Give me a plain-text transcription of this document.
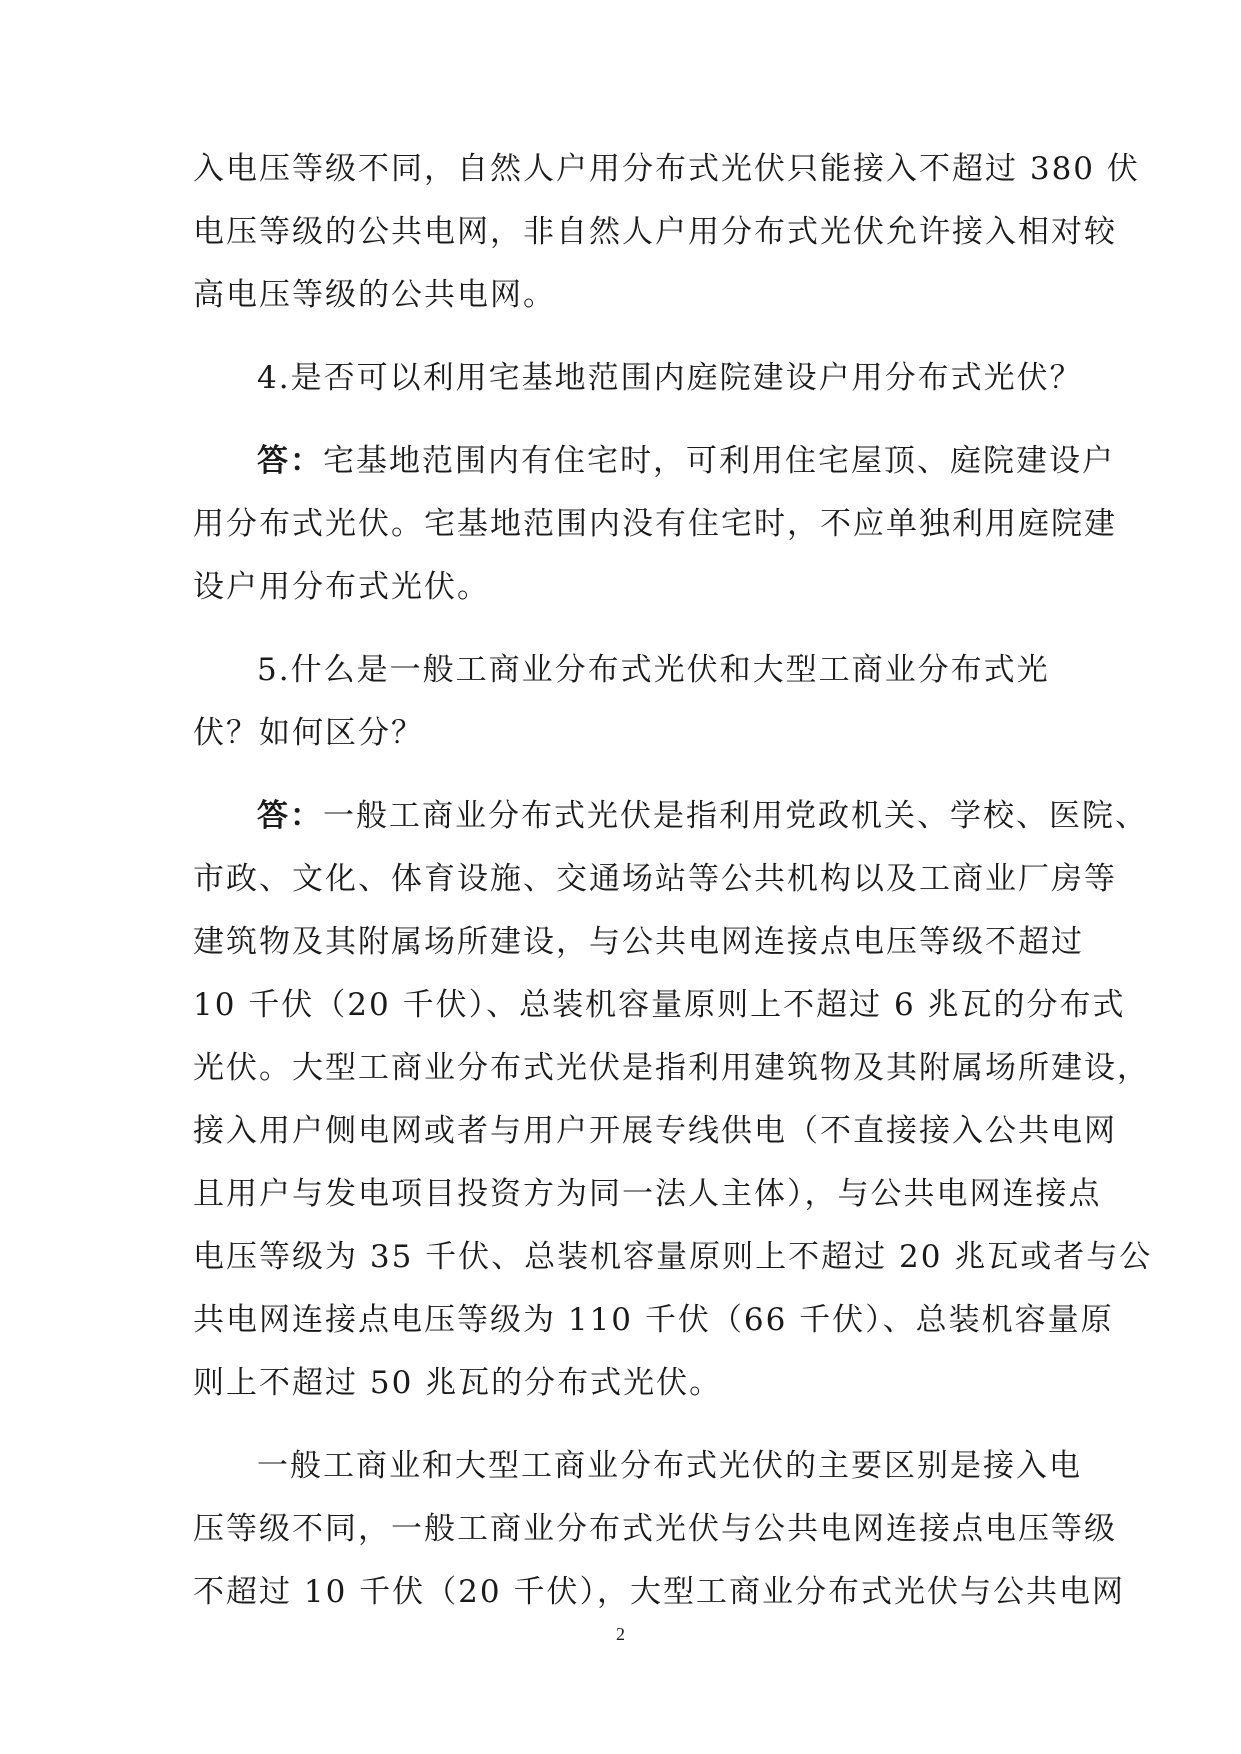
入电压等级不同，自然人户用分布式光伏只能接入不超过 380 伏
电压等级的公共电网，非自然人户用分布式光伏允许接入相对较
高电压等级的公共电网。
4.是否可以利用宅基地范围内庭院建设户用分布式光伏？
答：宅基地范围内有住宅时，可利用住宅屋顶、庭院建设户
用分布式光伏。宅基地范围内没有住宅时，不应单独利用庭院建
设户用分布式光伏。
5.什么是一般工商业分布式光伏和大型工商业分布式光
伏？如何区分？
答：一般工商业分布式光伏是指利用党政机关、学校、医院、
市政、文化、体育设施、交通场站等公共机构以及工商业厂房等
建筑物及其附属场所建设，与公共电网连接点电压等级不超过
10 千伏（20 千伏）、总装机容量原则上不超过 6 兆瓦的分布式
光伏。大型工商业分布式光伏是指利用建筑物及其附属场所建设，
接入用户侧电网或者与用户开展专线供电（不直接接入公共电网
且用户与发电项目投资方为同一法人主体），与公共电网连接点
电压等级为 35 千伏、总装机容量原则上不超过 20 兆瓦或者与公
共电网连接点电压等级为 110 千伏（66 千伏）、总装机容量原
则上不超过 50 兆瓦的分布式光伏。
一般工商业和大型工商业分布式光伏的主要区别是接入电
压等级不同，一般工商业分布式光伏与公共电网连接点电压等级
不超过 10 千伏（20 千伏），大型工商业分布式光伏与公共电网
2
